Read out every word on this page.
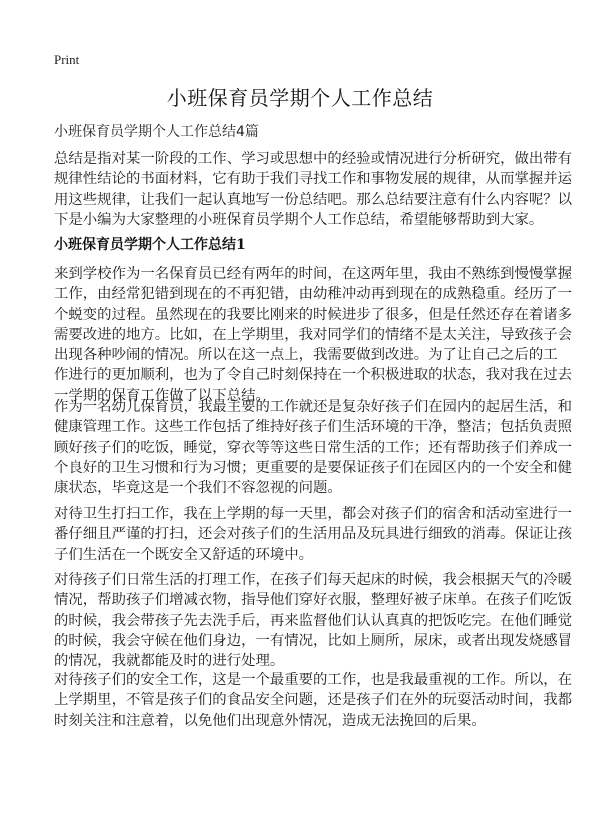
Print
小班保育员学期个人工作总结

小班保育员学期个人工作总结4篇

总结是指对某一阶段的工作、学习或思想中的经验或情况进行分析研究，做出带有
规律性结论的书面材料，它有助于我们寻找工作和事物发展的规律，从而掌握并运
用这些规律，让我们一起认真地写一份总结吧。那么总结要注意有什么内容呢？以
下是小编为大家整理的小班保育员学期个人工作总结，希望能够帮助到大家。

小班保育员学期个人工作总结1

来到学校作为一名保育员已经有两年的时间，在这两年里，我由不熟练到慢慢掌握
工作，由经常犯错到现在的不再犯错，由幼稚冲动再到现在的成熟稳重。经历了一
个蜕变的过程。虽然现在的我要比刚来的时候进步了很多，但是任然还存在着诸多
需要改进的地方。比如，在上学期里，我对同学们的情绪不是太关注，导致孩子会
出现各种吵闹的情况。所以在这一点上，我需要做到改进。为了让自己之后的工
作进行的更加顺利，也为了令自己时刻保持在一个积极进取的状态，我对我在过去
一学期的保育工作做了以下总结。

作为一名幼儿保育员，我最主要的工作就还是复杂好孩子们在园内的起居生活，和
健康管理工作。这些工作包括了维持好孩子们生活环境的干净，整洁；包括负责照
顾好孩子们的吃饭，睡觉，穿衣等等这些日常生活的工作；还有帮助孩子们养成一
个良好的卫生习惯和行为习惯；更重要的是要保证孩子们在园区内的一个安全和健
康状态，毕竟这是一个我们不容忽视的问题。

对待卫生打扫工作，我在上学期的每一天里，都会对孩子们的宿舍和活动室进行一
番仔细且严谨的打扫，还会对孩子们的生活用品及玩具进行细致的消毒。保证让孩
子们生活在一个既安全又舒适的环境中。

对待孩子们日常生活的打理工作，在孩子们每天起床的时候，我会根据天气的冷暖
情况，帮助孩子们增减衣物，指导他们穿好衣服，整理好被子床单。在孩子们吃饭
的时候，我会带孩子先去洗手后，再来监督他们认认真真的把饭吃完。在他们睡觉
的时候，我会守候在他们身边，一有情况，比如上厕所，尿床，或者出现发烧感冒
的情况，我就都能及时的进行处理。

对待孩子们的安全工作，这是一个最重要的工作，也是我最重视的工作。所以，在
上学期里，不管是孩子们的食品安全问题，还是孩子们在外的玩耍活动时间，我都
时刻关注和注意着，以免他们出现意外情况，造成无法挽回的后果。
